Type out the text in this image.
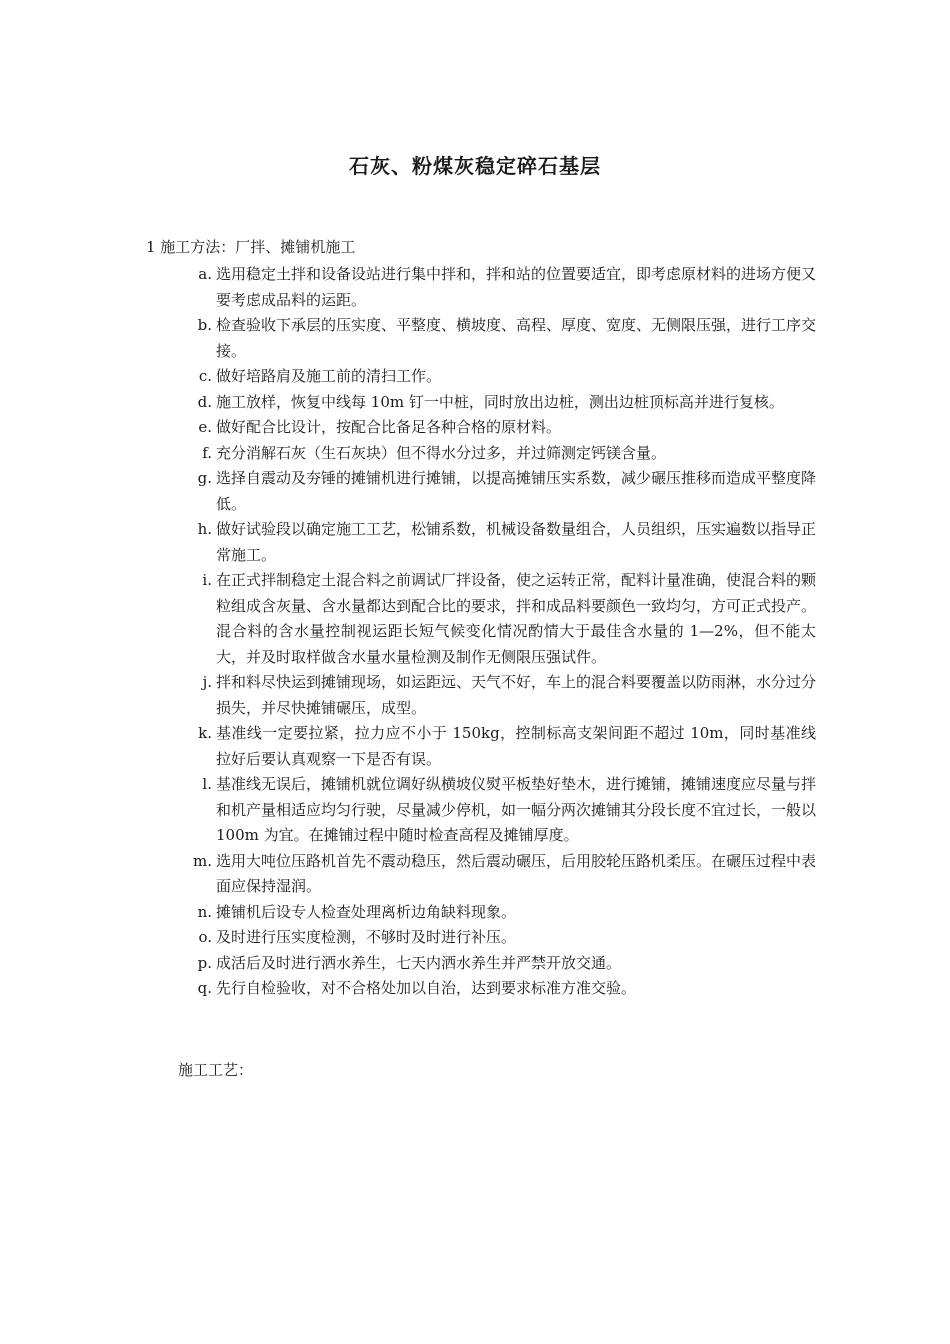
石灰、粉煤灰稳定碎石基层

1 施工方法：厂拌、摊铺机施工

a. 选用稳定土拌和设备设站进行集中拌和，拌和站的位置要适宜，即考虑原材料的进场方便又要考虑成品料的运距。
b. 检查验收下承层的压实度、平整度、横坡度、高程、厚度、宽度、无侧限压强，进行工序交接。
c. 做好培路肩及施工前的清扫工作。
d. 施工放样，恢复中线每 10m 钉一中桩，同时放出边桩，测出边桩顶标高并进行复核。
e. 做好配合比设计，按配合比备足各种合格的原材料。
f. 充分消解石灰（生石灰块）但不得水分过多，并过筛测定钙镁含量。
g. 选择自震动及夯锤的摊铺机进行摊铺，以提高摊铺压实系数，减少碾压推移而造成平整度降低。
h. 做好试验段以确定施工工艺，松铺系数，机械设备数量组合，人员组织，压实遍数以指导正常施工。
i. 在正式拌制稳定土混合料之前调试厂拌设备，使之运转正常，配料计量准确，使混合料的颗粒组成含灰量、含水量都达到配合比的要求，拌和成品料要颜色一致均匀，方可正式投产。混合料的含水量控制视运距长短气候变化情况酌情大于最佳含水量的 1—2%，但不能太大，并及时取样做含水量水量检测及制作无侧限压强试件。
j. 拌和料尽快运到摊铺现场，如运距远、天气不好，车上的混合料要覆盖以防雨淋，水分过分损失，并尽快摊铺碾压，成型。
k. 基准线一定要拉紧，拉力应不小于 150kg，控制标高支架间距不超过 10m，同时基准线拉好后要认真观察一下是否有误。
l. 基准线无误后，摊铺机就位调好纵横坡仪熨平板垫好垫木，进行摊铺，摊铺速度应尽量与拌和机产量相适应均匀行驶，尽量减少停机，如一幅分两次摊铺其分段长度不宜过长，一般以 100m 为宜。在摊铺过程中随时检查高程及摊铺厚度。
m. 选用大吨位压路机首先不震动稳压，然后震动碾压，后用胶轮压路机柔压。在碾压过程中表面应保持湿润。
n. 摊铺机后设专人检查处理离析边角缺料现象。
o. 及时进行压实度检测，不够时及时进行补压。
p. 成活后及时进行洒水养生，七天内洒水养生并严禁开放交通。
q. 先行自检验收，对不合格处加以自治，达到要求标准方准交验。

施工工艺：
